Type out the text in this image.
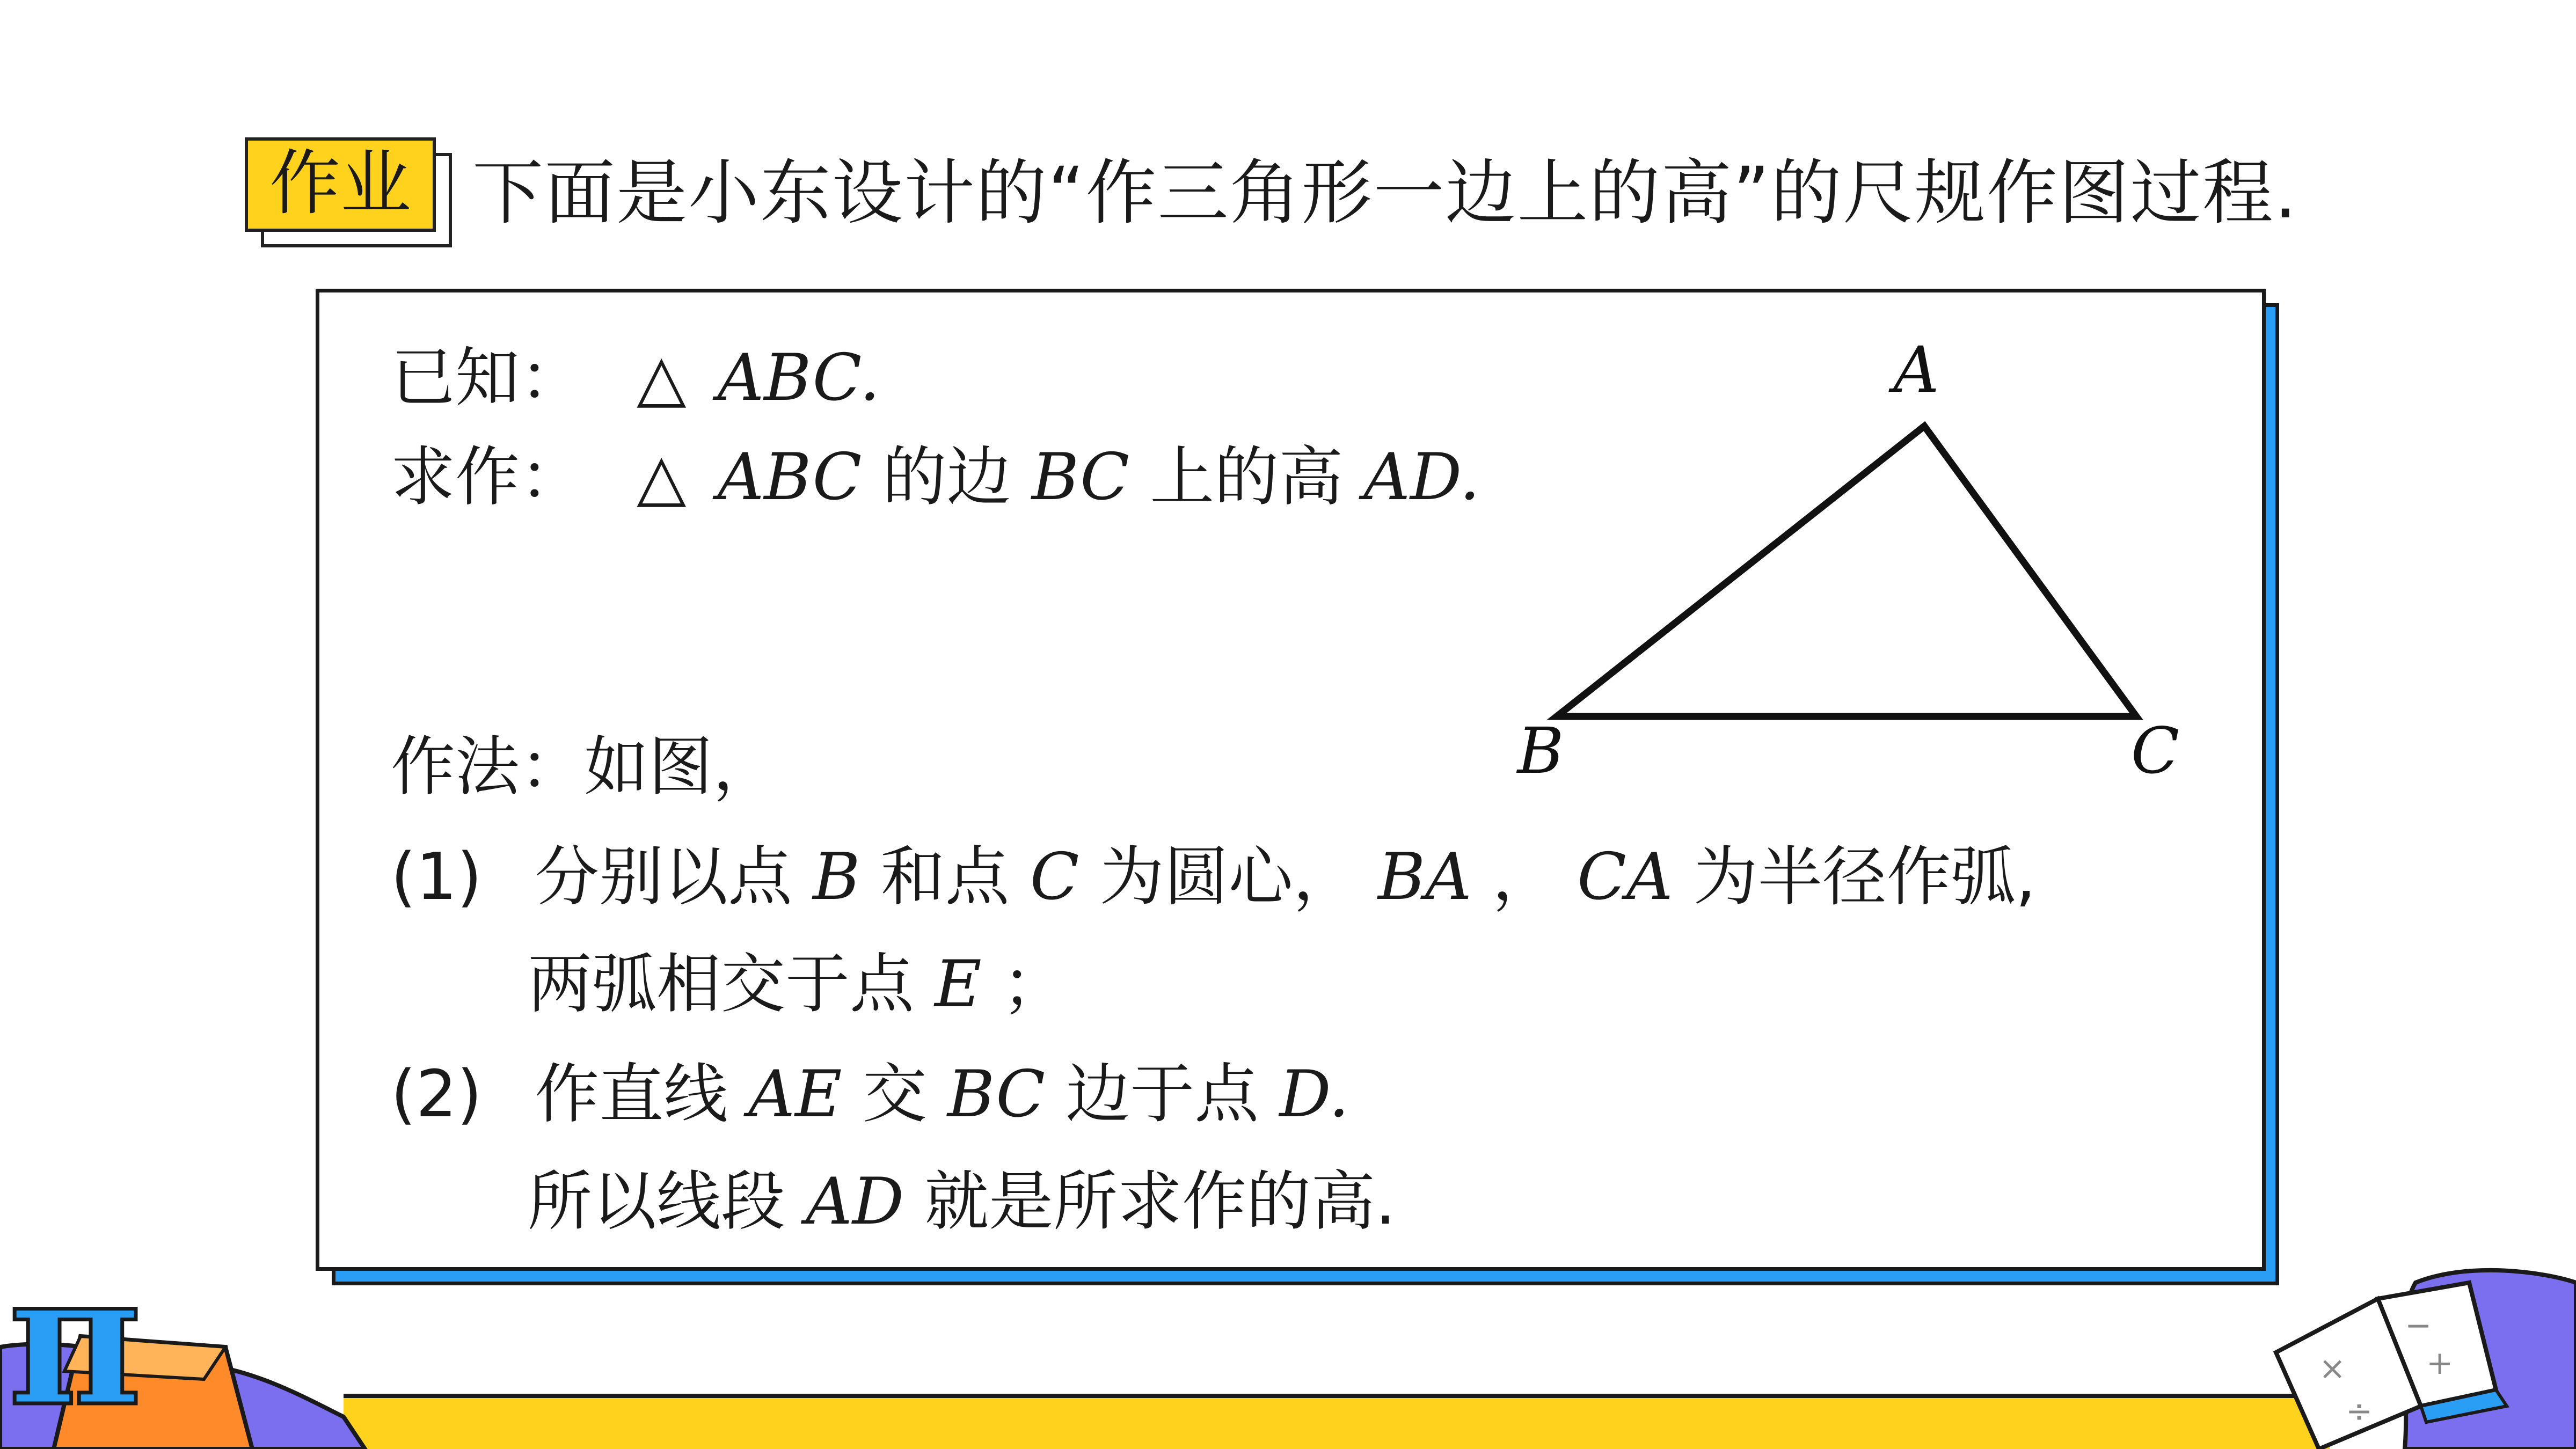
作业 下面是小东设计的“作三角形一边上的高”的尺规作图过程.
已知： △ ABC.
求作： △ ABC 的边 BC 上的高 AD.
作法：如图，
(1) 分别以点 B 和点 C 为圆心， BA ， CA 为半径作弧,
两弧相交于点 E ；
(2) 作直线 AE 交 BC 边于点 D.
所以线段 AD 就是所求作的高.
A
B	C
π	×
÷
−
+
